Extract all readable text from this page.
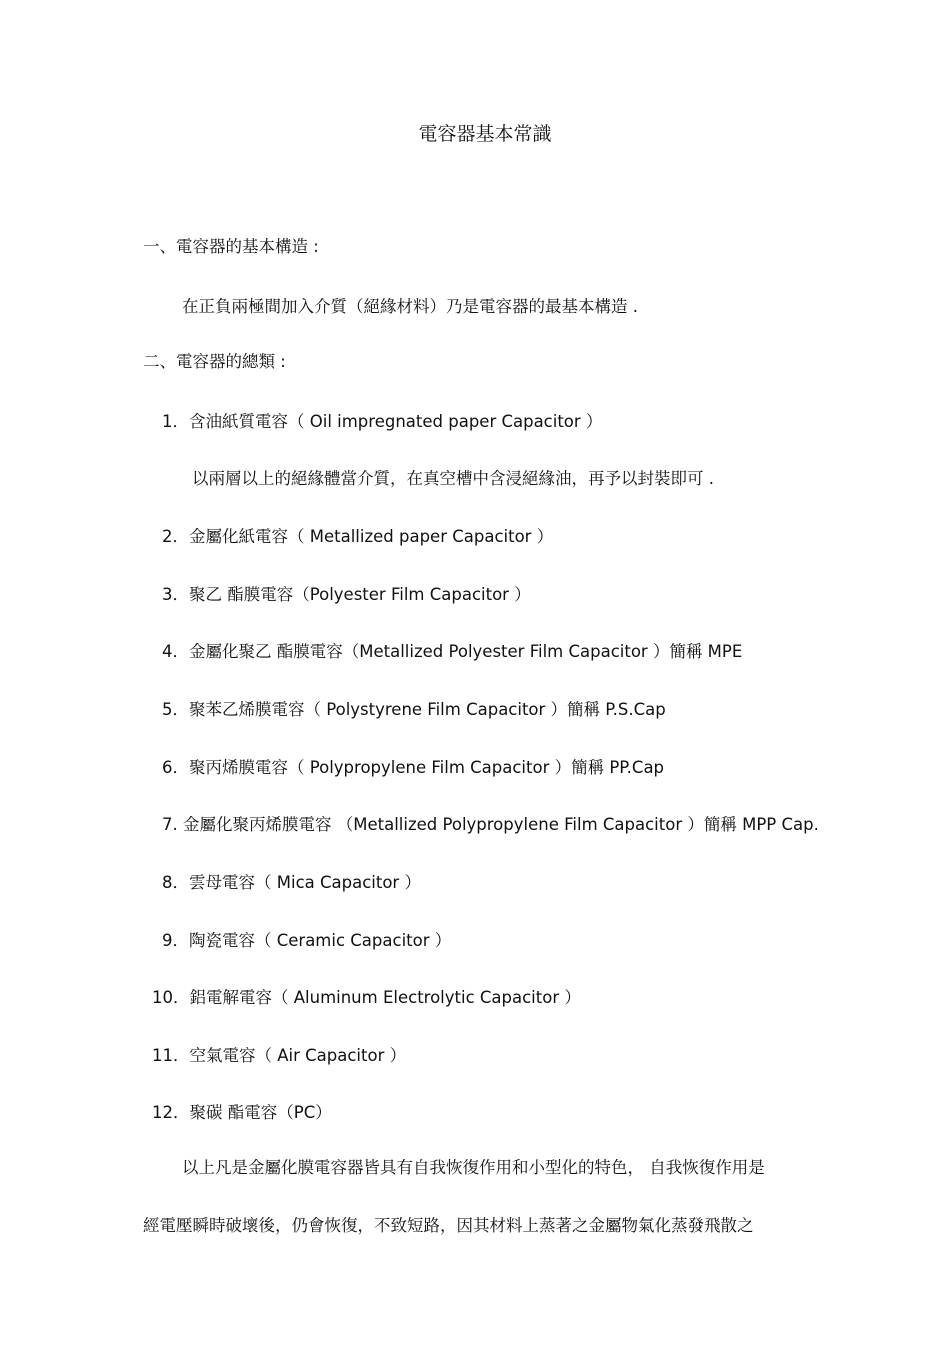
電容器基本常識
一、電容器的基本構造 :
在正負兩極間加入介質（絕緣材料）乃是電容器的最基本構造 .
二、電容器的總類 :
1．含油紙質電容（ Oil impregnated paper Capacitor ）
以兩層以上的絕緣體當介質，在真空槽中含浸絕緣油，再予以封裝即可 .
2．金屬化紙電容（ Metallized paper Capacitor ）
3．聚乙 酯膜電容（Polyester Film Capacitor ）
4．金屬化聚乙 酯膜電容（Metallized Polyester Film Capacitor ）簡稱 MPE
5．聚苯乙烯膜電容（ Polystyrene Film Capacitor ）簡稱 P.S.Cap
6．聚丙烯膜電容（ Polypropylene Film Capacitor ）簡稱 PP.Cap
7. 金屬化聚丙烯膜電容 （Metallized Polypropylene Film Capacitor ）簡稱 MPP Cap.
8．雲母電容（ Mica Capacitor ）
9．陶瓷電容（ Ceramic Capacitor ）
10．鋁電解電容（ Aluminum Electrolytic Capacitor ）
11．空氣電容（ Air Capacitor ）
12．聚碳 酯電容（PC）
以上凡是金屬化膜電容器皆具有自我恢復作用和小型化的特色， 自我恢復作用是
經電壓瞬時破壞後，仍會恢復，不致短路，因其材料上蒸著之金屬物氣化蒸發飛散之
